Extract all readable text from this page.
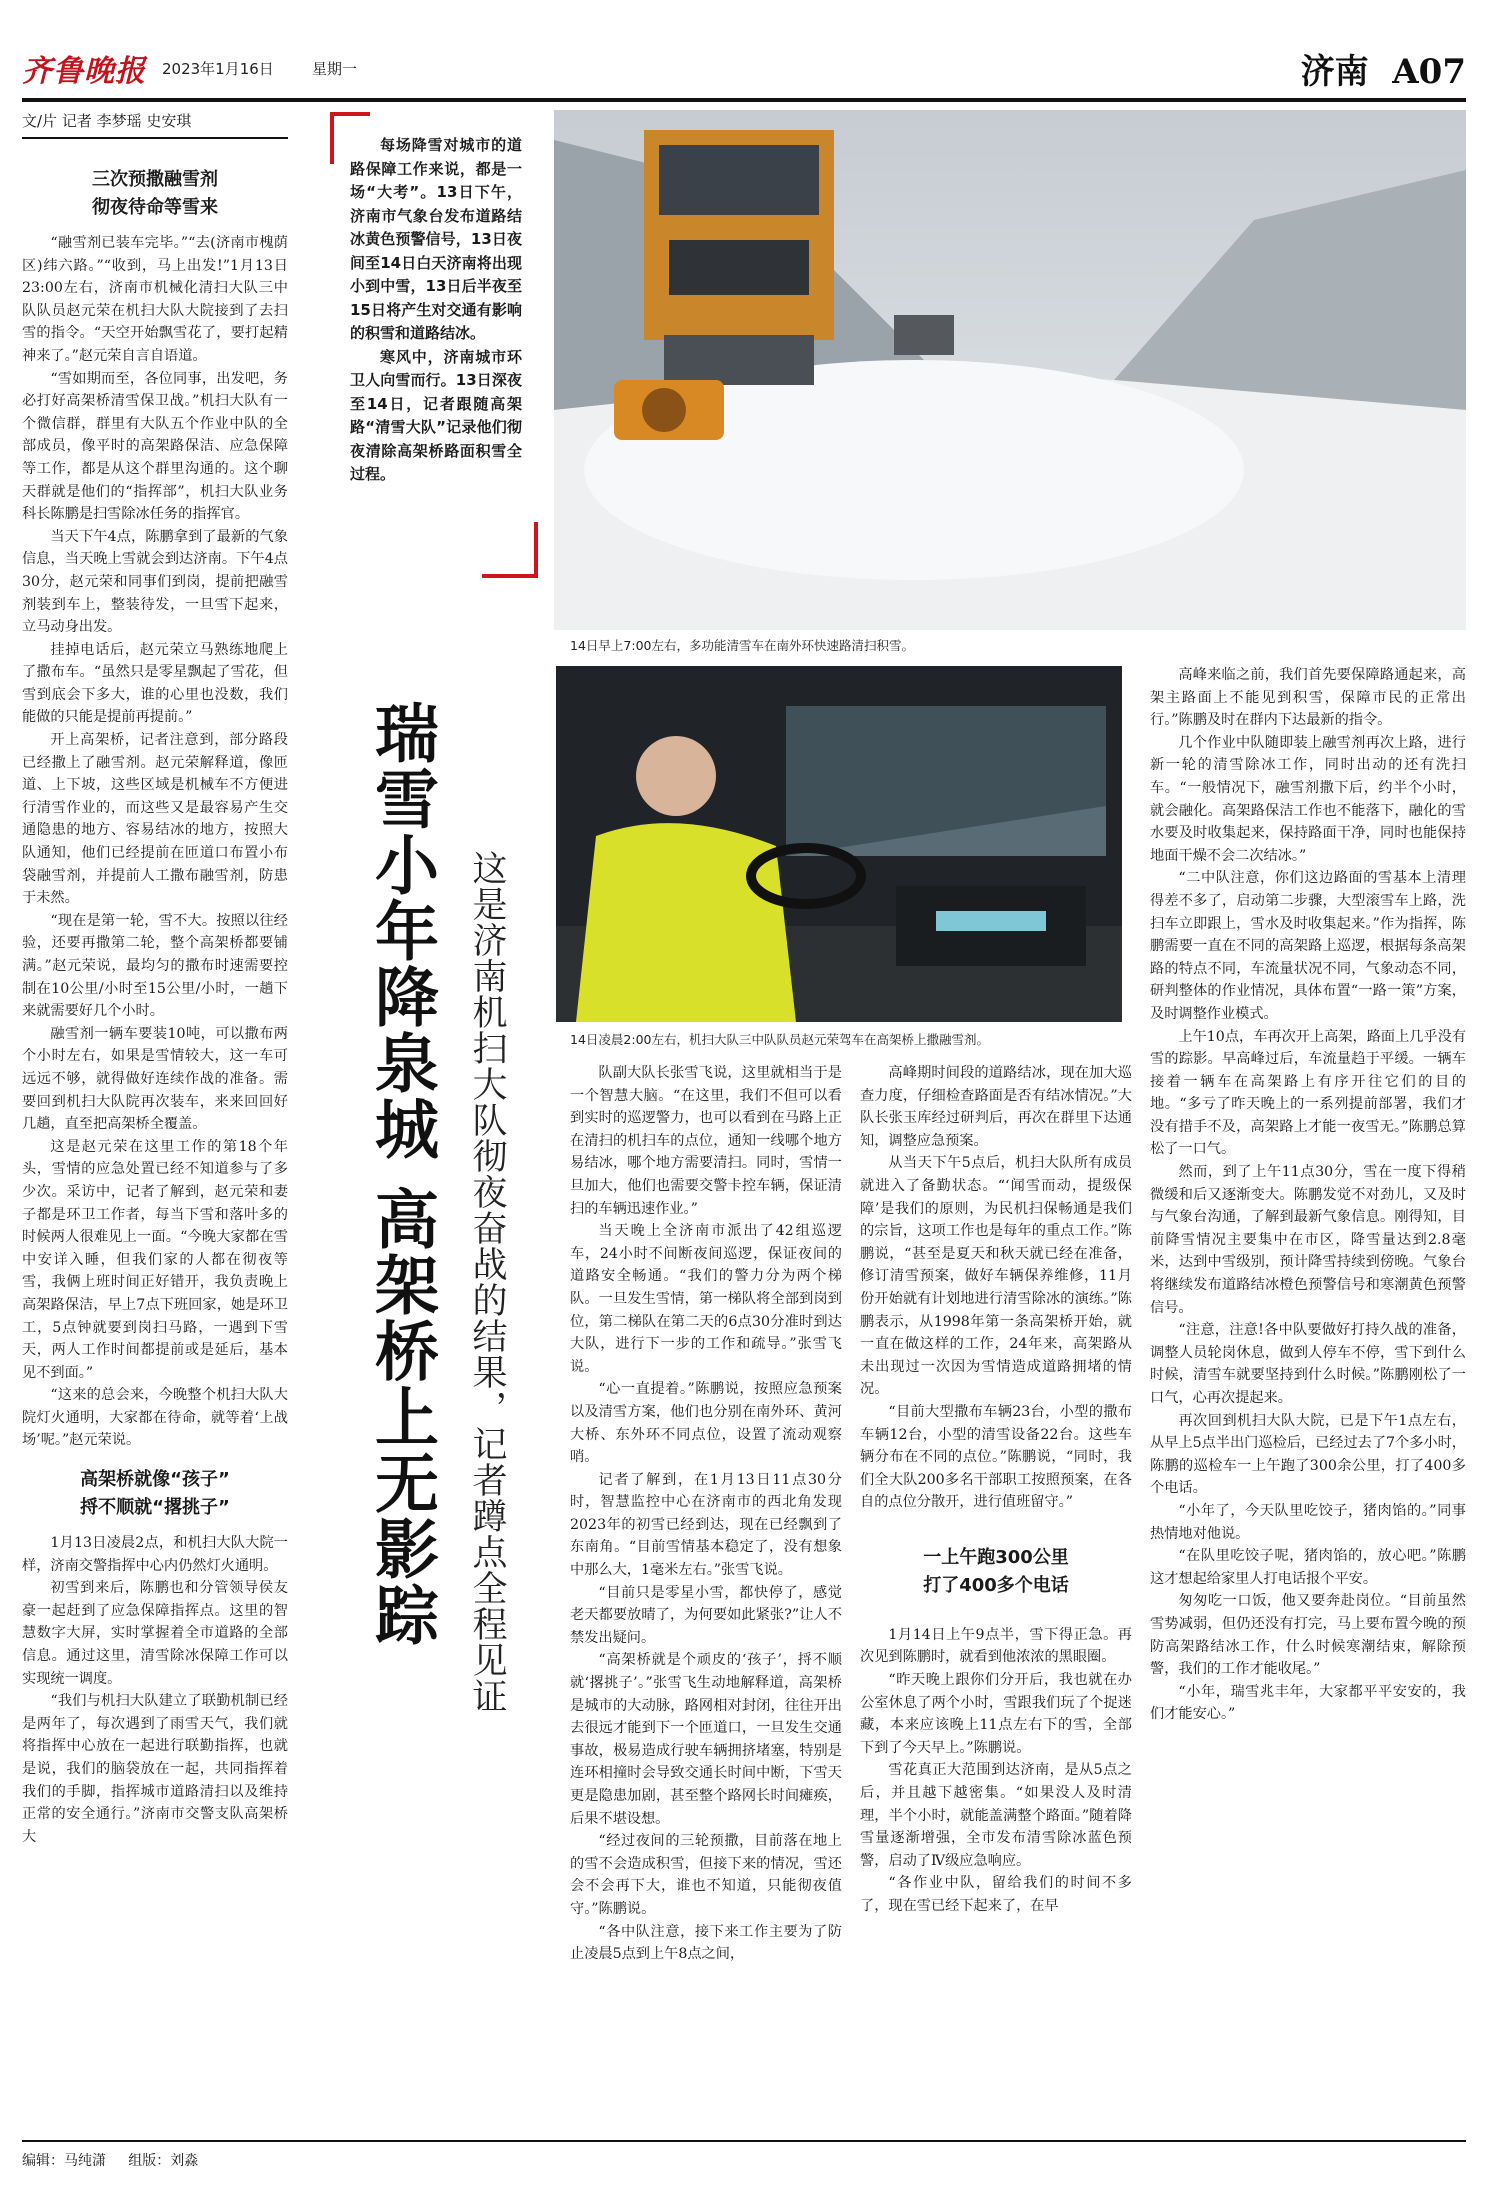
齐鲁晚报 2023年1月16日	星期一	济南 A07
文/片 记者 李梦瑶 史安琪
三次预撒融雪剂
彻夜待命等雪来

“融雪剂已装车完毕。”“去(济南市槐荫区)纬六路。”“收到，马上出发!”1月13日23:00左右，济南市机械化清扫大队三中队队员赵元荣在机扫大队大院接到了去扫雪的指令。“天空开始飘雪花了，要打起精神来了。”赵元荣自言自语道。

“雪如期而至，各位同事，出发吧，务必打好高架桥清雪保卫战。”机扫大队有一个微信群，群里有大队五个作业中队的全部成员，像平时的高架路保洁、应急保障等工作，都是从这个群里沟通的。这个聊天群就是他们的“指挥部”，机扫大队业务科长陈鹏是扫雪除冰任务的指挥官。

当天下午4点，陈鹏拿到了最新的气象信息，当天晚上雪就会到达济南。下午4点30分，赵元荣和同事们到岗，提前把融雪剂装到车上，整装待发，一旦雪下起来，立马动身出发。

挂掉电话后，赵元荣立马熟练地爬上了撒布车。“虽然只是零星飘起了雪花，但雪到底会下多大，谁的心里也没数，我们能做的只能是提前再提前。”

开上高架桥，记者注意到，部分路段已经撒上了融雪剂。赵元荣解释道，像匝道、上下坡，这些区域是机械车不方便进行清雪作业的，而这些又是最容易产生交通隐患的地方、容易结冰的地方，按照大队通知，他们已经提前在匝道口布置小布袋融雪剂，并提前人工撒布融雪剂，防患于未然。

“现在是第一轮，雪不大。按照以往经验，还要再撒第二轮，整个高架桥都要铺满。”赵元荣说，最均匀的撒布时速需要控制在10公里/小时至15公里/小时，一趟下来就需要好几个小时。

融雪剂一辆车要装10吨，可以撒布两个小时左右，如果是雪情较大，这一车可远远不够，就得做好连续作战的准备。需要回到机扫大队院再次装车，来来回回好几趟，直至把高架桥全覆盖。

这是赵元荣在这里工作的第18个年头，雪情的应急处置已经不知道参与了多少次。采访中，记者了解到，赵元荣和妻子都是环卫工作者，每当下雪和落叶多的时候两人很难见上一面。“今晚大家都在雪中安详入睡，但我们家的人都在彻夜等雪，我俩上班时间正好错开，我负责晚上高架路保洁，早上7点下班回家，她是环卫工，5点钟就要到岗扫马路，一遇到下雪天，两人工作时间都提前或是延后，基本见不到面。”

“这来的总会来，今晚整个机扫大队大院灯火通明，大家都在待命，就等着‘上战场’呢。”赵元荣说。

高架桥就像“孩子”
捋不顺就“撂挑子”

1月13日凌晨2点，和机扫大队大院一样，济南交警指挥中心内仍然灯火通明。

初雪到来后，陈鹏也和分管领导侯友豪一起赶到了应急保障指挥点。这里的智慧数字大屏，实时掌握着全市道路的全部信息。通过这里，清雪除冰保障工作可以实现统一调度。

“我们与机扫大队建立了联勤机制已经是两年了，每次遇到了雨雪天气，我们就将指挥中心放在一起进行联勤指挥，也就是说，我们的脑袋放在一起，共同指挥着我们的手脚，指挥城市道路清扫以及维持正常的安全通行。”济南市交警支队高架桥大

每场降雪对城市的道路保障工作来说，都是一场“大考”。13日下午，济南市气象台发布道路结冰黄色预警信号，13日夜间至14日白天济南将出现小到中雪，13日后半夜至15日将产生对交通有影响的积雪和道路结冰。

寒风中，济南城市环卫人向雪而行。13日深夜至14日，记者跟随高架路“清雪大队”记录他们彻夜清除高架桥路面积雪全过程。

14日早上7:00左右，多功能清雪车在南外环快速路清扫积雪。
瑞雪小年降泉城 高架桥上无影踪 这是济南机扫大队彻夜奋战的结果，记者蹲点全程见证	14日凌晨2:00左右，机扫大队三中队队员赵元荣驾车在高架桥上撒融雪剂。

队副大队长张雪飞说，这里就相当于是一个智慧大脑。“在这里，我们不但可以看到实时的巡逻警力，也可以看到在马路上正在清扫的机扫车的点位，通知一线哪个地方易结冰，哪个地方需要清扫。同时，雪情一旦加大，他们也需要交警卡控车辆，保证清扫的车辆迅速作业。”

当天晚上全济南市派出了42组巡逻车，24小时不间断夜间巡逻，保证夜间的道路安全畅通。“我们的警力分为两个梯队。一旦发生雪情，第一梯队将全部到岗到位，第二梯队在第二天的6点30分准时到达大队，进行下一步的工作和疏导。”张雪飞说。

“心一直提着。”陈鹏说，按照应急预案以及清雪方案，他们也分别在南外环、黄河大桥、东外环不同点位，设置了流动观察哨。

记者了解到，在1月13日11点30分时，智慧监控中心在济南市的西北角发现2023年的初雪已经到达，现在已经飘到了东南角。“目前雪情基本稳定了，没有想象中那么大，1毫米左右。”张雪飞说。

“目前只是零星小雪，都快停了，感觉老天都要放晴了，为何要如此紧张?”让人不禁发出疑问。

“高架桥就是个顽皮的‘孩子’，捋不顺就‘撂挑子’。”张雪飞生动地解释道，高架桥是城市的大动脉，路网相对封闭，往往开出去很远才能到下一个匝道口，一旦发生交通事故，极易造成行驶车辆拥挤堵塞，特别是连环相撞时会导致交通长时间中断，下雪天更是隐患加剧，甚至整个路网长时间瘫痪，后果不堪设想。

“经过夜间的三轮预撒，目前落在地上的雪不会造成积雪，但接下来的情况，雪还会不会再下大，谁也不知道，只能彻夜值守。”陈鹏说。

“各中队注意，接下来工作主要为了防止凌晨5点到上午8点之间，

高峰期时间段的道路结冰，现在加大巡查力度，仔细检查路面是否有结冰情况。”大队长张玉库经过研判后，再次在群里下达通知，调整应急预案。

从当天下午5点后，机扫大队所有成员就进入了备勤状态。“‘闻雪而动，提级保障’是我们的原则，为民机扫保畅通是我们的宗旨，这项工作也是每年的重点工作。”陈鹏说，“甚至是夏天和秋天就已经在准备，修订清雪预案，做好车辆保养维修，11月份开始就有计划地进行清雪除冰的演练。”陈鹏表示，从1998年第一条高架桥开始，就一直在做这样的工作，24年来，高架路从未出现过一次因为雪情造成道路拥堵的情况。

“目前大型撒布车辆23台，小型的撒布车辆12台，小型的清雪设备22台。这些车辆分布在不同的点位。”陈鹏说，“同时，我们全大队200多名干部职工按照预案，在各自的点位分散开，进行值班留守。”

一上午跑300公里
打了400多个电话

1月14日上午9点半，雪下得正急。再次见到陈鹏时，就看到他浓浓的黑眼圈。

“昨天晚上跟你们分开后，我也就在办公室休息了两个小时，雪跟我们玩了个捉迷藏，本来应该晚上11点左右下的雪，全部下到了今天早上。”陈鹏说。

雪花真正大范围到达济南，是从5点之后，并且越下越密集。“如果没人及时清理，半个小时，就能盖满整个路面。”随着降雪量逐渐增强，全市发布清雪除冰蓝色预警，启动了Ⅳ级应急响应。

“各作业中队，留给我们的时间不多了，现在雪已经下起来了，在早

高峰来临之前，我们首先要保障路通起来，高架主路面上不能见到积雪，保障市民的正常出行。”陈鹏及时在群内下达最新的指令。

几个作业中队随即装上融雪剂再次上路，进行新一轮的清雪除冰工作，同时出动的还有洗扫车。“一般情况下，融雪剂撒下后，约半个小时，就会融化。高架路保洁工作也不能落下，融化的雪水要及时收集起来，保持路面干净，同时也能保持地面干燥不会二次结冰。”

“二中队注意，你们这边路面的雪基本上清理得差不多了，启动第二步骤，大型滚雪车上路，洗扫车立即跟上，雪水及时收集起来。”作为指挥，陈鹏需要一直在不同的高架路上巡逻，根据每条高架路的特点不同，车流量状况不同，气象动态不同，研判整体的作业情况，具体布置“一路一策”方案，及时调整作业模式。

上午10点，车再次开上高架，路面上几乎没有雪的踪影。早高峰过后，车流量趋于平缓。一辆车接着一辆车在高架路上有序开往它们的目的地。“多亏了昨天晚上的一系列提前部署，我们才没有措手不及，高架路上才能一夜雪无。”陈鹏总算松了一口气。

然而，到了上午11点30分，雪在一度下得稍微缓和后又逐渐变大。陈鹏发觉不对劲儿，又及时与气象台沟通，了解到最新气象信息。刚得知，目前降雪情况主要集中在市区，降雪量达到2.8毫米，达到中雪级别，预计降雪持续到傍晚。气象台将继续发布道路结冰橙色预警信号和寒潮黄色预警信号。

“注意，注意!各中队要做好打持久战的准备，调整人员轮岗休息，做到人停车不停，雪下到什么时候，清雪车就要坚持到什么时候。”陈鹏刚松了一口气，心再次提起来。

再次回到机扫大队大院，已是下午1点左右，从早上5点半出门巡检后，已经过去了7个多小时，陈鹏的巡检车一上午跑了300余公里，打了400多个电话。

“小年了，今天队里吃饺子，猪肉馅的。”同事热情地对他说。

“在队里吃饺子呢，猪肉馅的，放心吧。”陈鹏这才想起给家里人打电话报个平安。

匆匆吃一口饭，他又要奔赴岗位。“目前虽然雪势减弱，但仍还没有打完，马上要布置今晚的预防高架路结冰工作，什么时候寒潮结束，解除预警，我们的工作才能收尾。”

“小年，瑞雪兆丰年，大家都平平安安的，我们才能安心。”

编辑：马纯潇 组版：刘淼
